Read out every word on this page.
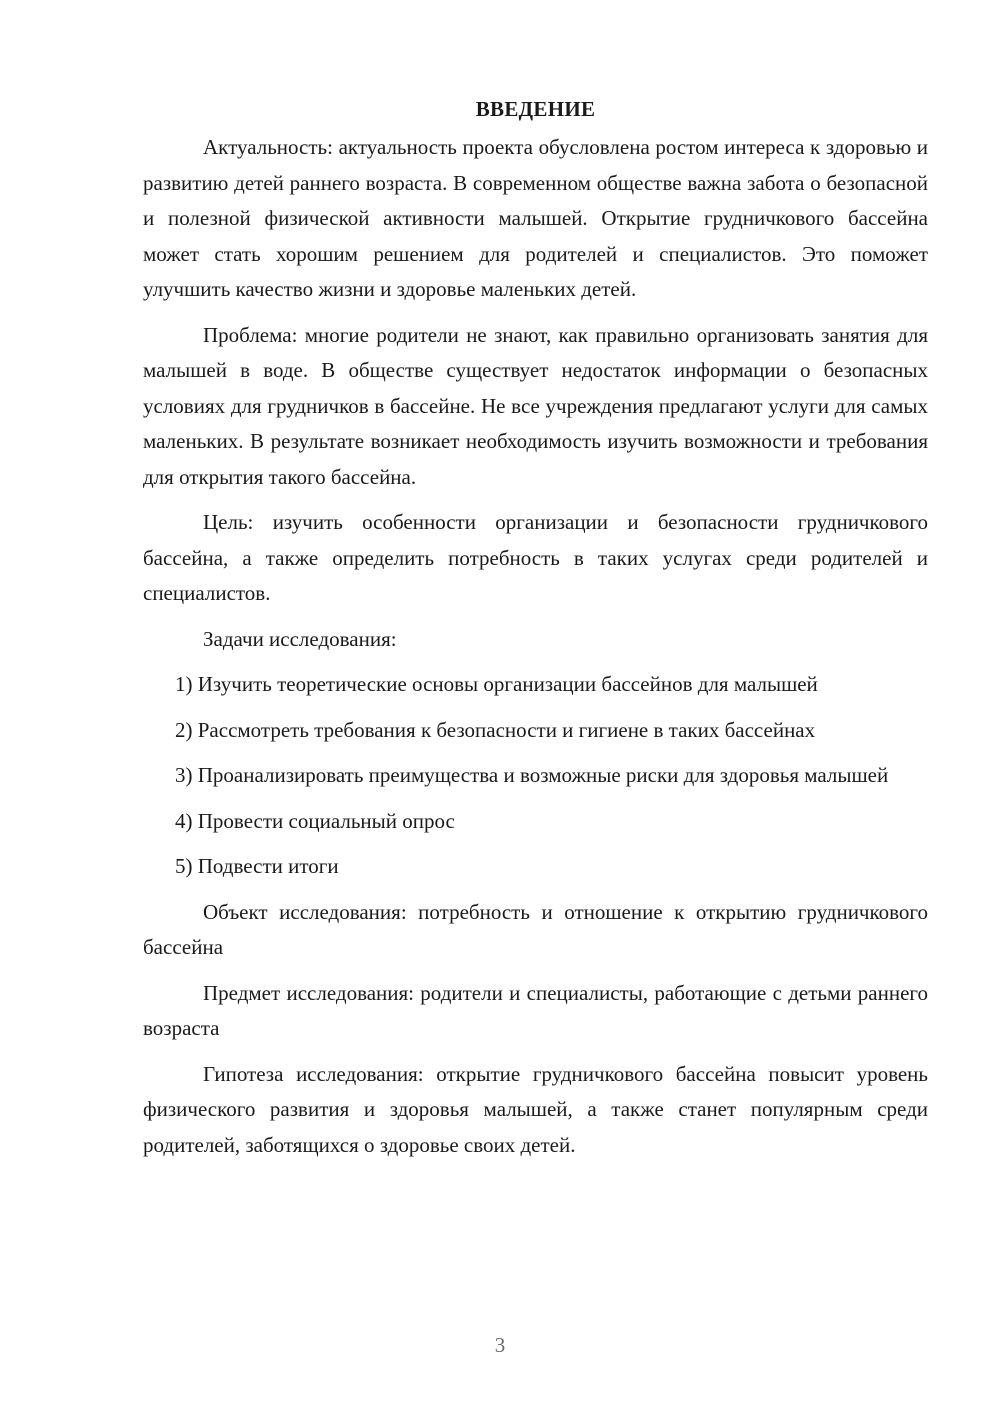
ВВЕДЕНИЕ

Актуальность: актуальность проекта обусловлена ростом интереса к здоровью и развитию детей раннего возраста. В современном обществе важна забота о безопасной и полезной физической активности малышей. Открытие грудничкового бассейна может стать хорошим решением для родителей и специалистов. Это поможет улучшить качество жизни и здоровье маленьких детей.

Проблема: многие родители не знают, как правильно организовать занятия для малышей в воде. В обществе существует недостаток информации о безопасных условиях для грудничков в бассейне. Не все учреждения предлагают услуги для самых маленьких. В результате возникает необходимость изучить возможности и требования для открытия такого бассейна.

Цель: изучить особенности организации и безопасности грудничкового бассейна, а также определить потребность в таких услугах среди родителей и специалистов.

Задачи исследования:

1) Изучить теоретические основы организации бассейнов для малышей

2) Рассмотреть требования к безопасности и гигиене в таких бассейнах

3) Проанализировать преимущества и возможные риски для здоровья малышей

4) Провести социальный опрос

5) Подвести итоги

Объект исследования: потребность и отношение к открытию грудничкового бассейна

Предмет исследования: родители и специалисты, работающие с детьми раннего возраста

Гипотеза исследования: открытие грудничкового бассейна повысит уровень физического развития и здоровья малышей, а также станет популярным среди родителей, заботящихся о здоровье своих детей.

3
